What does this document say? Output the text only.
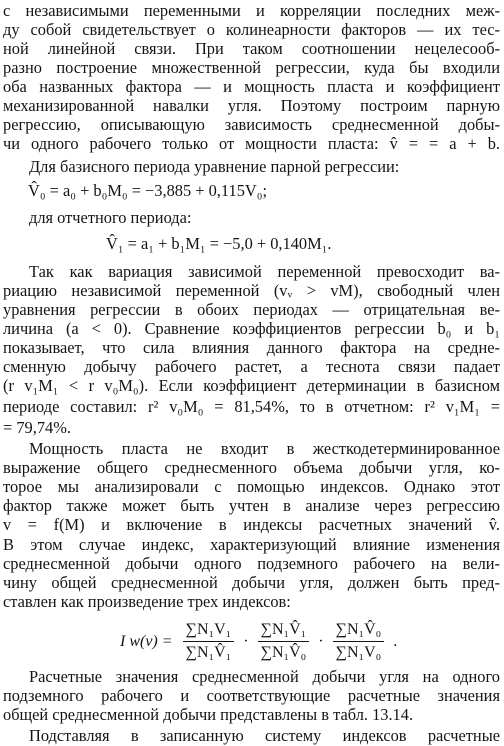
с независимыми переменными и корреляции последних меж-
ду собой свидетельствует о колинеарности факторов — их тес-
ной линейной связи. При таком соотношении нецелесооб-
разно построение множественной регрессии, куда бы входили
оба названных фактора — и мощность пласта и коэффициент
механизированной навалки угля. Поэтому построим парную
регрессию, описывающую зависимость среднесменной добы-
чи одного рабочего только от мощности пласта: v̂ = = a + b.
Для базисного периода уравнение парной регрессии:
V̂₀ = a₀ + b₀M₀ = −3,885 + 0,115V₀;
для отчетного периода:
V̂₁ = a₁ + b₁M₁ = −5,0 + 0,140M₁.
Так как вариация зависимой переменной превосходит ва-
риацию независимой переменной (vᵥ > vM), свободный член
уравнения регрессии в обоих периодах — отрицательная ве-
личина (a < 0). Сравнение коэффициентов регрессии b₀ и b₁
показывает, что сила влияния данного фактора на средне-
сменную добычу рабочего растет, а теснота связи падает
(r v₁M₁ < r v₀M₀). Если коэффициент детерминации в базисном
периоде составил: r² v₀M₀ = 81,54%, то в отчетном: r² v₁M₁ =
= 79,74%.
Мощность пласта не входит в жесткодетерминированное
выражение общего среднесменного объема добычи угля, ко-
торое мы анализировали с помощью индексов. Однако этот
фактор также может быть учтен в анализе через регрессию
v = f(M) и включение в индексы расчетных значений v̂.
В этом случае индекс, характеризующий влияние изменения
среднесменной добычи одного подземного рабочего на вели-
чину общей среднесменной добычи угля, должен быть пред-
ставлен как произведение трех индексов:
I $w(v) = \frac{\text{∑N₁V₁}}{\text{∑N₁V̂₁}} \cdot \frac{\text{∑N₁V̂₁}}{\text{∑N₁V̂₀}} \cdot \frac{\text{∑N₁V̂₀}}{\text{∑N₁V₀}}$ .
Расчетные значения среднесменной добычи угля на одного
подземного рабочего и соответствующие расчетные значения
общей среднесменной добычи представлены в табл. 13.14.
Подставляя в записанную систему индексов расчетные
